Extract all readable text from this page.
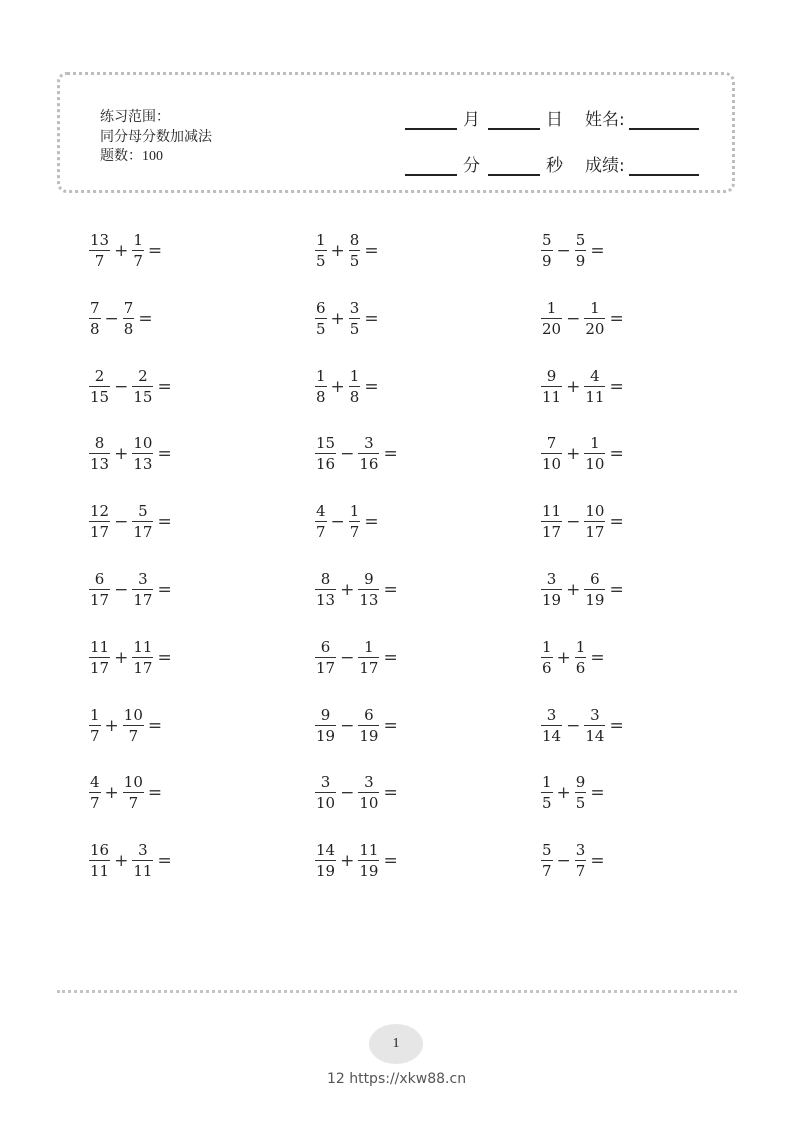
练习范围：
同分母分数加减法
题数：100
月	日 姓名:
分	秒 成绩:
$\frac{13}{7} + \frac{1}{7}$ =	$\frac{1}{5} + \frac{8}{5}$ =	$\frac{5}{9} - \frac{5}{9}$ =
$\frac{7}{8} - \frac{7}{8}$ =	$\frac{6}{5} + \frac{3}{5}$ =	$\frac{1}{20} - \frac{1}{20}$ =
$\frac{2}{15} - \frac{2}{15}$ =	$\frac{1}{8} + \frac{1}{8}$ =	$\frac{9}{11} + \frac{4}{11}$ =
$\frac{8}{13} + \frac{10}{13}$ =	$\frac{15}{16} - \frac{3}{16}$ =	$\frac{7}{10} + \frac{1}{10}$ =
$\frac{12}{17} - \frac{5}{17}$ =	$\frac{4}{7} - \frac{1}{7}$ =	$\frac{11}{17} - \frac{10}{17}$ =
$\frac{6}{17} - \frac{3}{17}$ =	$\frac{8}{13} + \frac{9}{13}$ =	$\frac{3}{19} + \frac{6}{19}$ =
$\frac{11}{17} + \frac{11}{17}$ =	$\frac{6}{17} - \frac{1}{17}$ =	$\frac{1}{6} + \frac{1}{6}$ =
$\frac{1}{7} + \frac{10}{7}$ =	$\frac{9}{19} - \frac{6}{19}$ =	$\frac{3}{14} - \frac{3}{14}$ =
$\frac{4}{7} + \frac{10}{7}$ =	$\frac{3}{10} - \frac{3}{10}$ =	$\frac{1}{5} + \frac{9}{5}$ =
$\frac{16}{11} + \frac{3}{11}$ =	$\frac{14}{19} + \frac{11}{19}$ =	$\frac{5}{7} - \frac{3}{7}$ =
1
12 https://xkw88.cn
